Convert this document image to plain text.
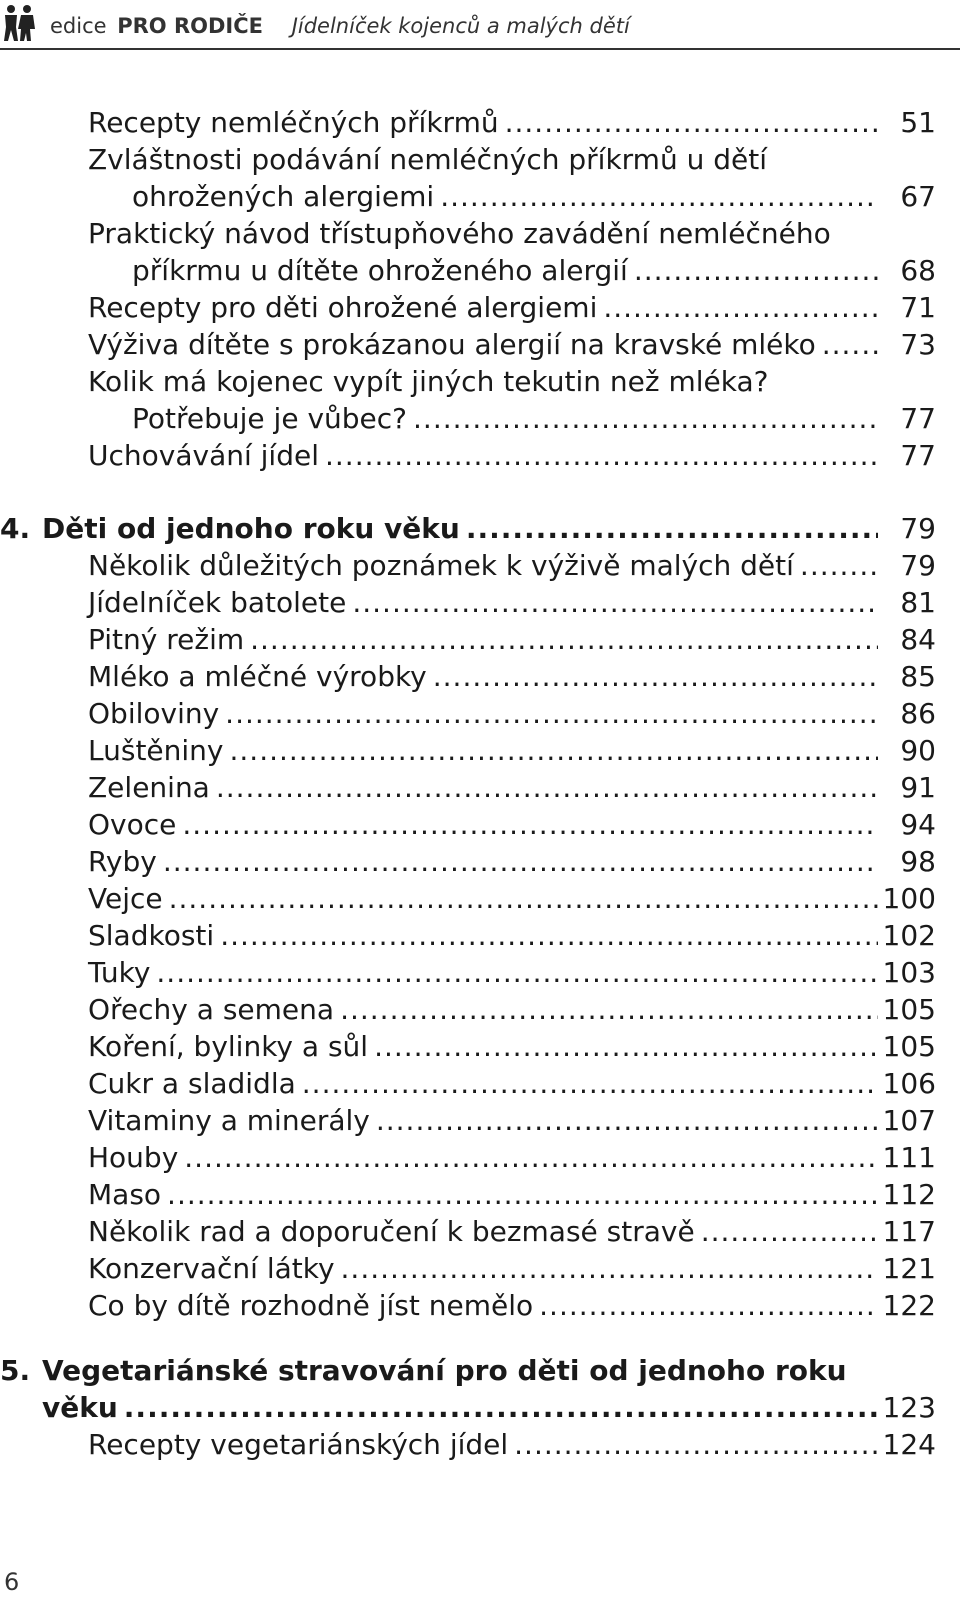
edice PRO RODIČE Jídelníček kojenců a malých dětí
Recepty nemléčných příkrmů .....	51
Zvláštnosti podávání nemléčných příkrmů u dětí
ohrožených alergiemi .....	67
Praktický návod třístupňového zavádění nemléčného
příkrmu u dítěte ohroženého alergií .....	68
Recepty pro děti ohrožené alergiemi .....	71
Výživa dítěte s prokázanou alergií na kravské mléko .....	73
Kolik má kojenec vypít jiných tekutin než mléka?
Potřebuje je vůbec? .....	77
Uchovávání jídel .....	77
4. Děti od jednoho roku věku .....	79
Několik důležitých poznámek k výživě malých dětí .....	79
Jídelníček batolete .....	81
Pitný režim .....	84
Mléko a mléčné výrobky .....	85
Obiloviny .....	86
Luštěniny .....	90
Zelenina .....	91
Ovoce .....	94
Ryby .....	98
Vejce .....	100
Sladkosti .....	102
Tuky .....	103
Ořechy a semena .....	105
Koření, bylinky a sůl .....	105
Cukr a sladidla .....	106
Vitaminy a minerály .....	107
Houby .....	111
Maso .....	112
Několik rad a doporučení k bezmasé stravě .....	117
Konzervační látky .....	121
Co by dítě rozhodně jíst nemělo .....	122
5. Vegetariánské stravování pro děti od jednoho roku
věku .....	123
Recepty vegetariánských jídel .....	124
6
